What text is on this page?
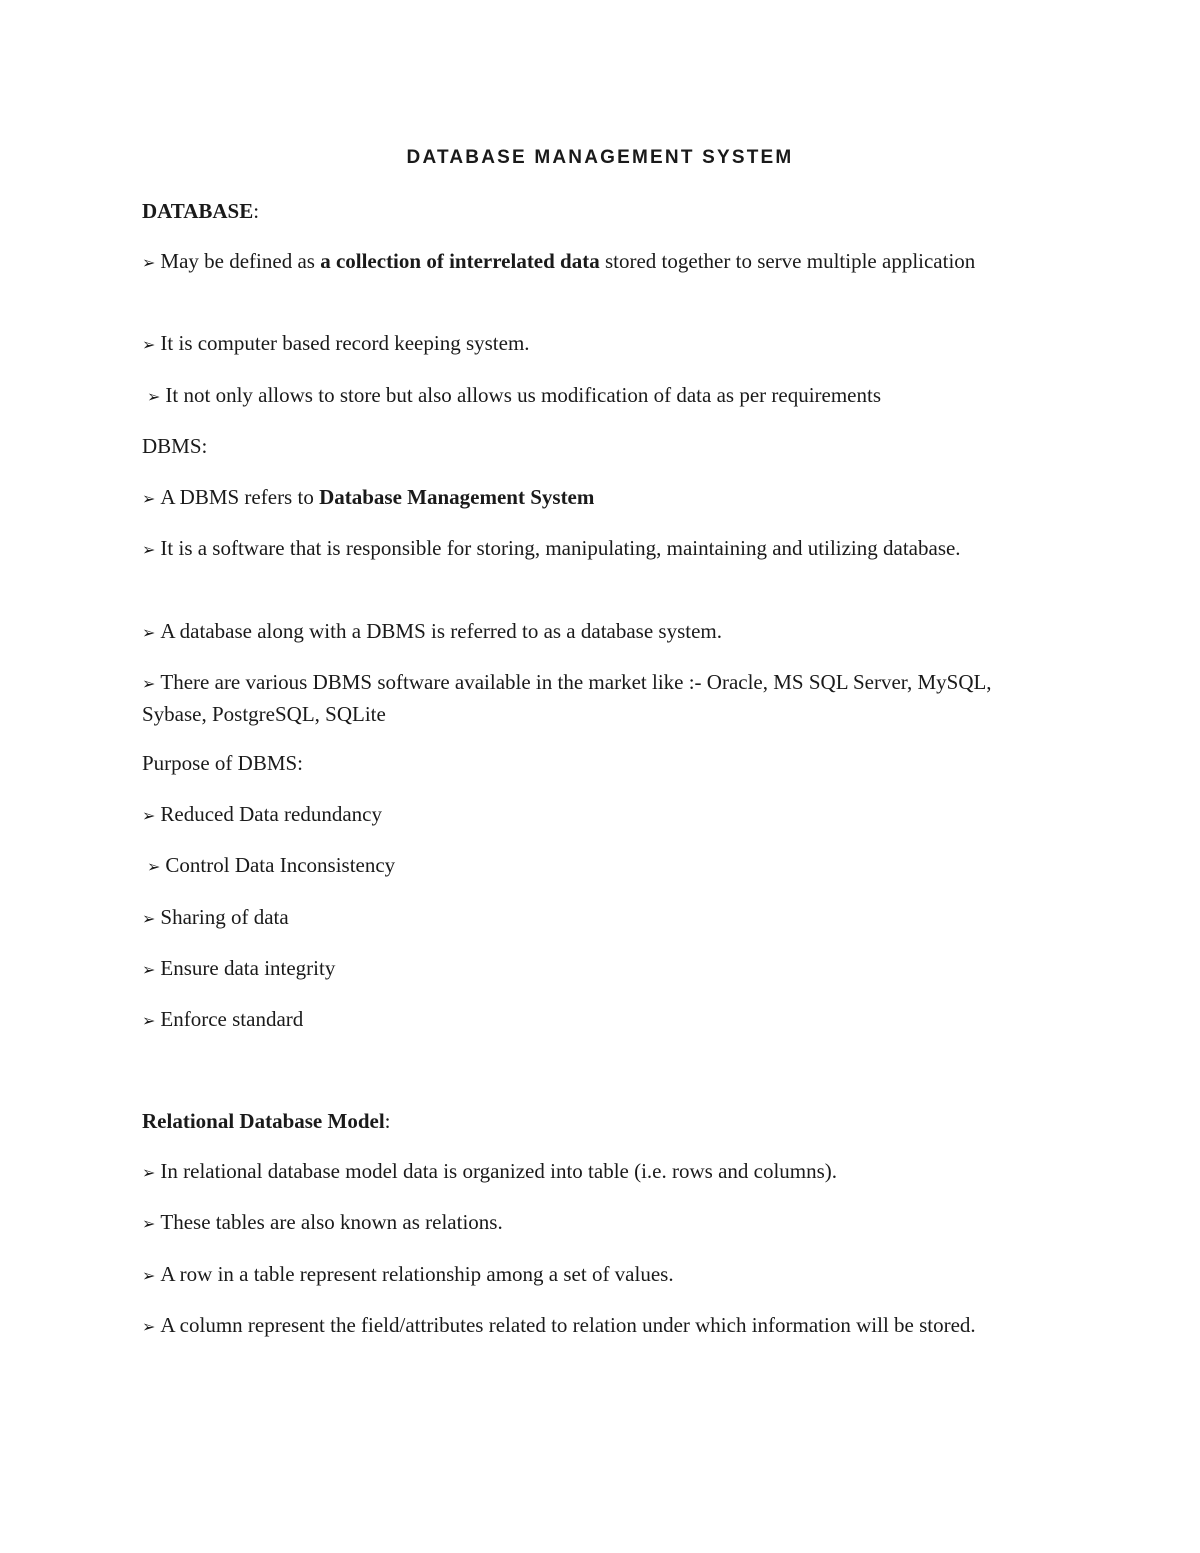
DATABASE MANAGEMENT SYSTEM
DATABASE:
➢ May be defined as a collection of interrelated data stored together to serve multiple application
➢ It is computer based record keeping system.
➢ It not only allows to store but also allows us modification of data as per requirements
DBMS:
➢ A DBMS refers to Database Management System
➢ It is a software that is responsible for storing, manipulating, maintaining and utilizing database.
➢ A database along with a DBMS is referred to as a database system.
➢ There are various DBMS software available in the market like :- Oracle, MS SQL Server, MySQL, Sybase, PostgreSQL, SQLite
Purpose of DBMS:
➢ Reduced Data redundancy
➢ Control Data Inconsistency
➢ Sharing of data
➢ Ensure data integrity
➢ Enforce standard
Relational Database Model:
➢ In relational database model data is organized into table (i.e. rows and columns).
➢ These tables are also known as relations.
➢ A row in a table represent relationship among a set of values.
➢ A column represent the field/attributes related to relation under which information will be stored.
